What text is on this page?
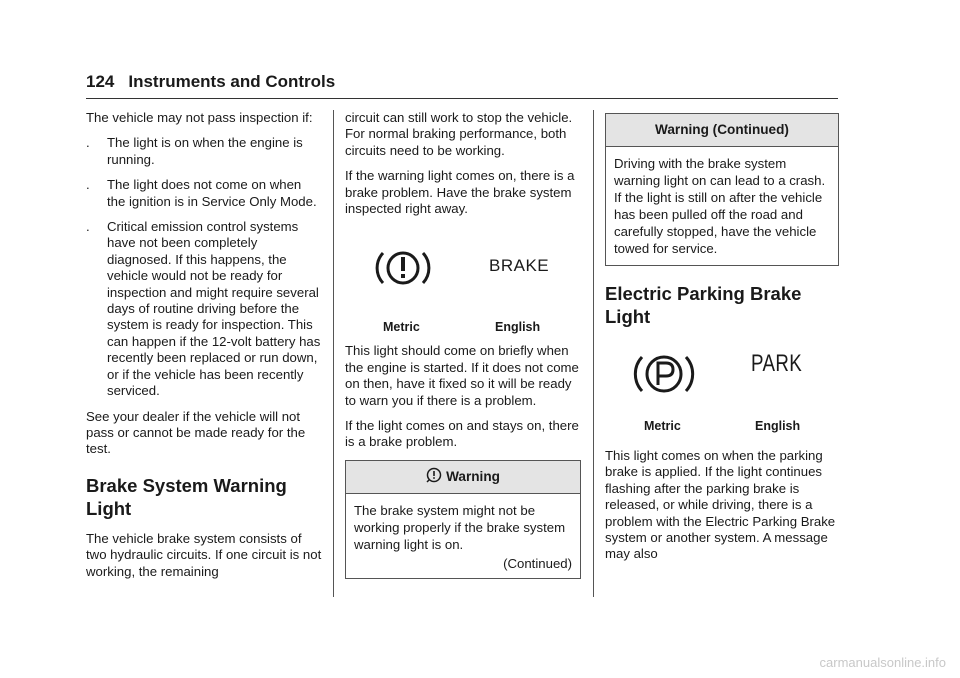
124 Instruments and Controls

The vehicle may not pass inspection if:

.	The light is on when the engine is running.
.	The light does not come on when the ignition is in Service Only Mode.
.	Critical emission control systems have not been completely diagnosed. If this happens, the vehicle would not be ready for inspection and might require several days of routine driving before the system is ready for inspection. This can happen if the 12-volt battery has recently been replaced or run down, or if the vehicle has been recently serviced.

See your dealer if the vehicle will not pass or cannot be made ready for the test.

Brake System Warning Light

The vehicle brake system consists of two hydraulic circuits. If one circuit is not working, the remaining

circuit can still work to stop the vehicle. For normal braking performance, both circuits need to be working.

If the warning light comes on, there is a brake problem. Have the brake system inspected right away.

BRAKE
Metric	English

This light should come on briefly when the engine is started. If it does not come on then, have it fixed so it will be ready to warn you if there is a problem.

If the light comes on and stays on, there is a brake problem.

Warning

The brake system might not be working properly if the brake system warning light is on.

(Continued)
Warning (Continued)

Driving with the brake system warning light on can lead to a crash. If the light is still on after the vehicle has been pulled off the road and carefully stopped, have the vehicle towed for service.

Electric Parking Brake Light
PARK
Metric	English

This light comes on when the parking brake is applied. If the light continues flashing after the parking brake is released, or while driving, there is a problem with the Electric Parking Brake system or another system. A message may also

carmanualsonline.info
